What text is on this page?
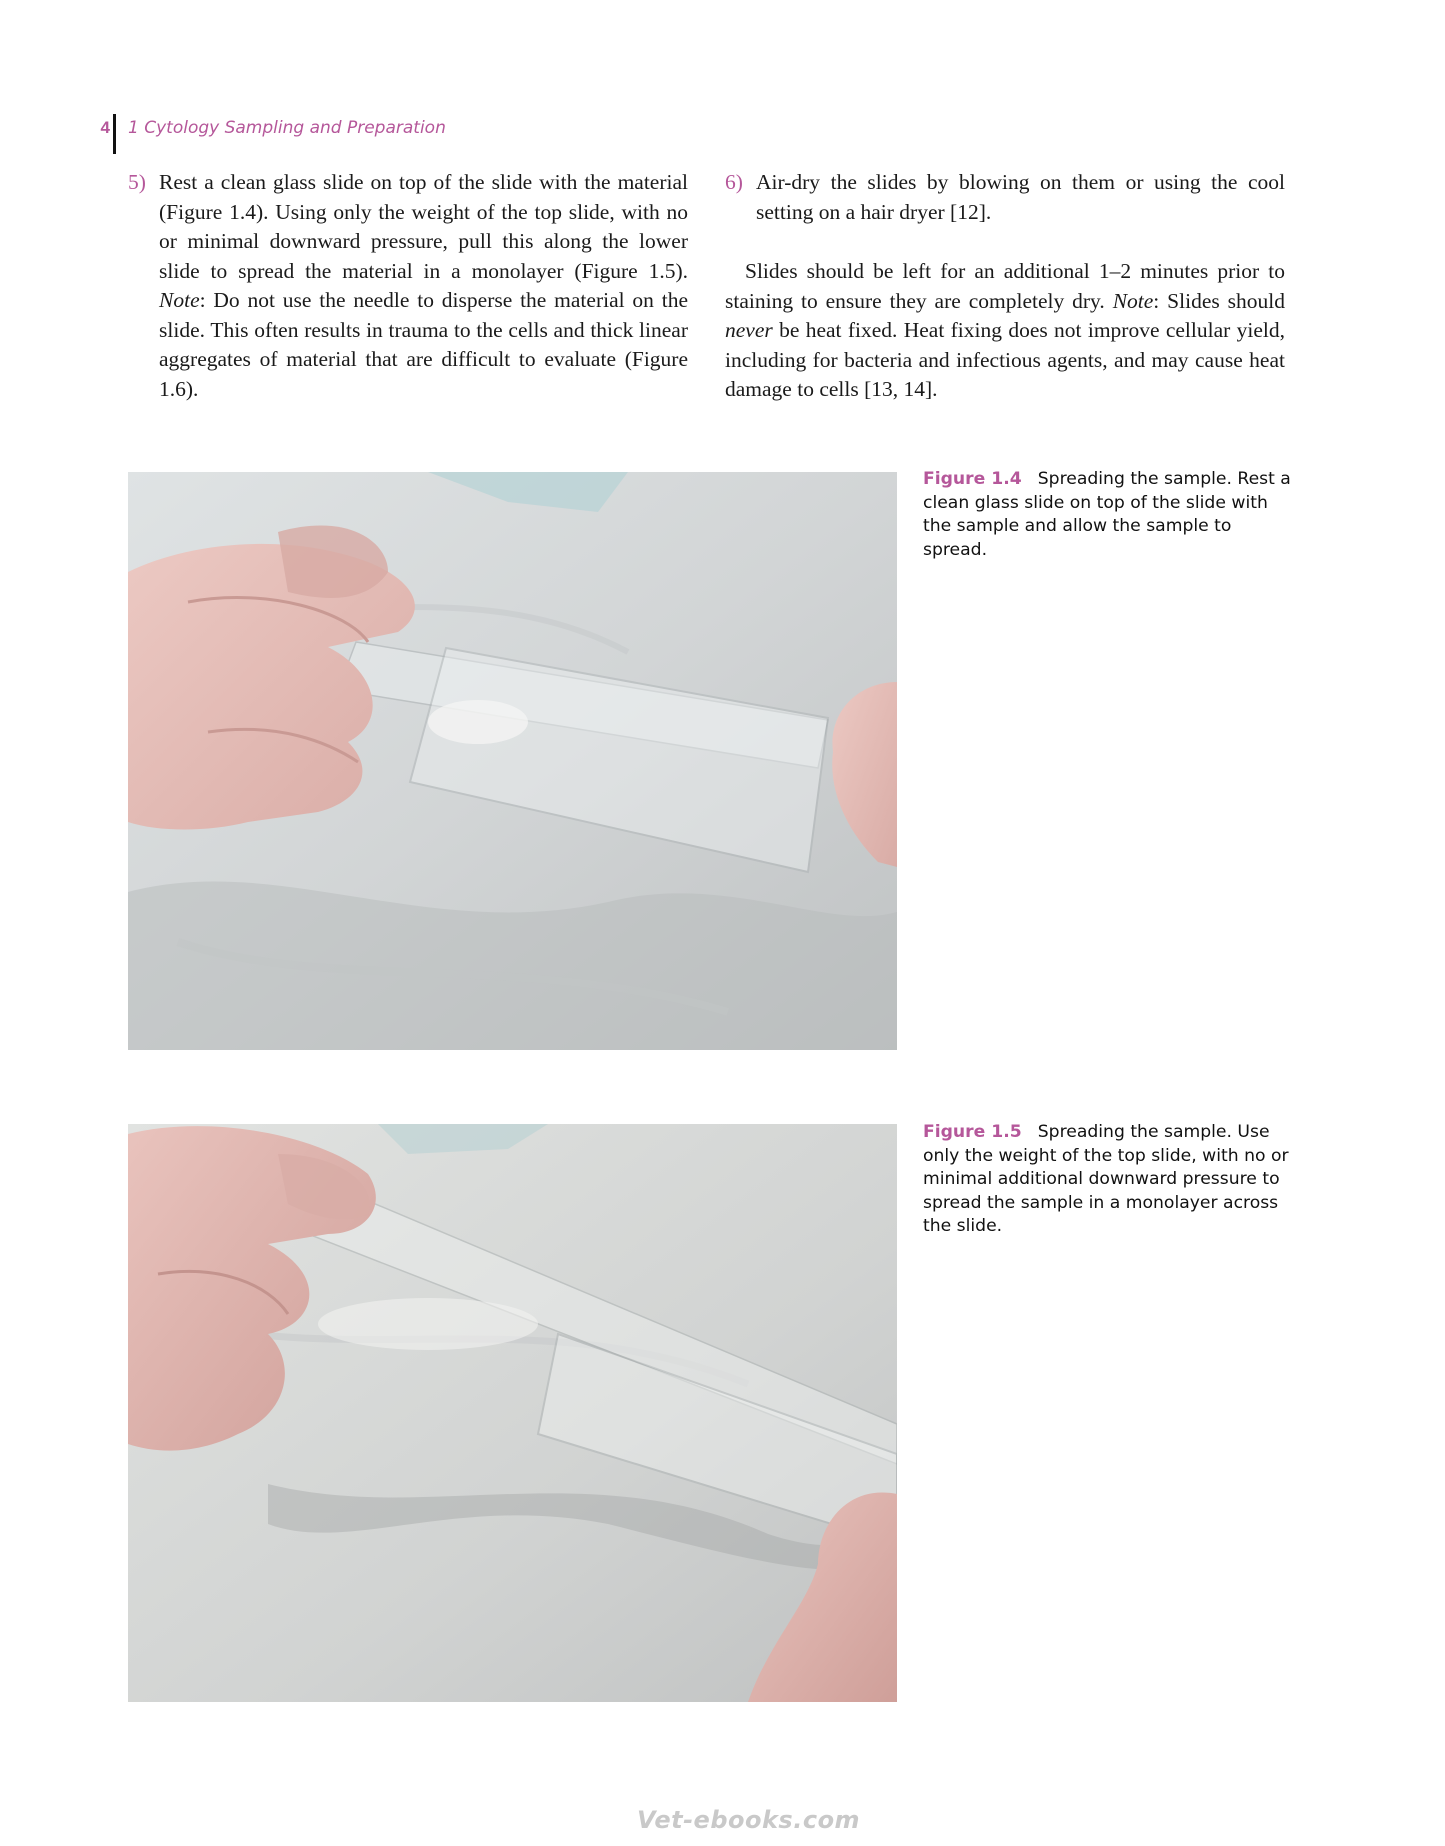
4 1 Cytology Sampling and Preparation
5) Rest a clean glass slide on top of the slide with the material (Figure 1.4). Using only the weight of the top slide, with no or minimal downward pressure, pull this along the lower slide to spread the material in a monolayer (Figure 1.5). Note: Do not use the needle to disperse the material on the slide. This often results in trauma to the cells and thick linear aggregates of material that are difficult to evaluate (Figure 1.6).
6) Air-dry the slides by blowing on them or using the cool setting on a hair dryer [12].
Slides should be left for an additional 1–2 minutes prior to staining to ensure they are completely dry. Note: Slides should never be heat fixed. Heat fixing does not improve cellular yield, including for bacteria and infectious agents, and may cause heat damage to cells [13, 14].
Figure 1.4 Spreading the sample. Rest a clean glass slide on top of the slide with the sample and allow the sample to spread.
Figure 1.5 Spreading the sample. Use only the weight of the top slide, with no or minimal additional downward pressure to spread the sample in a monolayer across the slide.
Vet-ebooks.com
